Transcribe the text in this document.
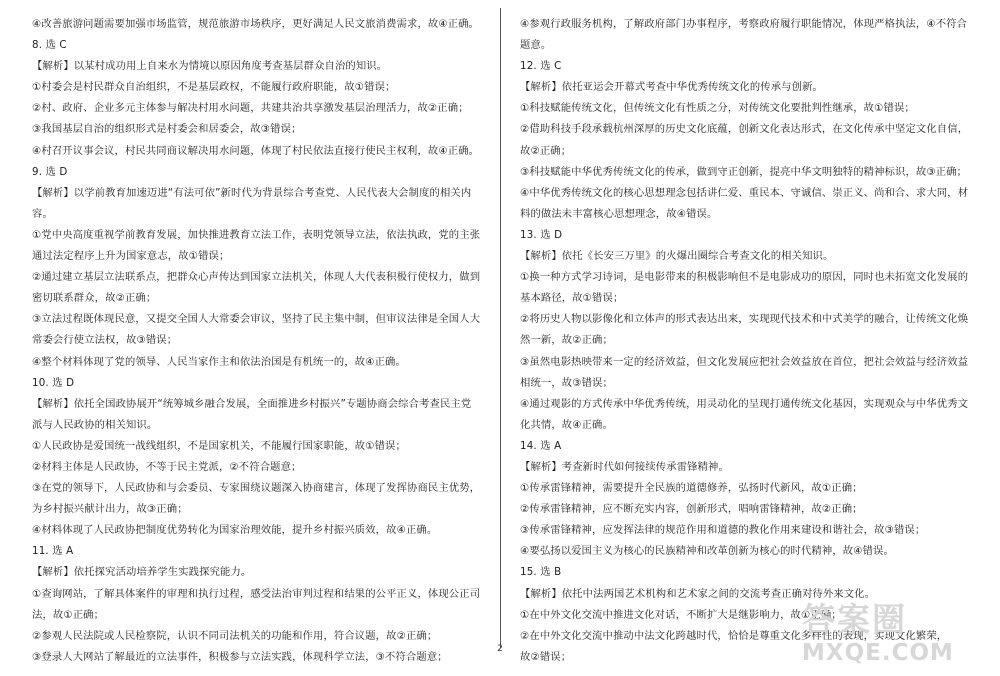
④改善旅游问题需要加强市场监管，规范旅游市场秩序，更好满足人民文旅消费需求，故④正确。
8. 选 C
【解析】以某村成功用上自来水为情境以原因角度考查基层群众自治的知识。
①村委会是村民群众自治组织，不是基层政权，不能履行政府职能，故①错误；
②村、政府、企业多元主体参与解决村用水问题，共建共治共享激发基层治理活力，故②正确；
③我国基层自治的组织形式是村委会和居委会，故③错误；
④村召开议事会议，村民共同商议解决用水问题，体现了村民依法直接行使民主权利，故④正确。
9. 选 D
【解析】以学前教育加速迈进“有法可依”新时代为背景综合考查党、人民代表大会制度的相关内
容。
①党中央高度重视学前教育发展，加快推进教育立法工作，表明党领导立法，依法执政，党的主张
通过法定程序上升为国家意志，故①错误；
②通过建立基层立法联系点，把群众心声传达到国家立法机关，体现人大代表积极行使权力，做到
密切联系群众，故②正确；
③立法过程既体现民意，又提交全国人大常委会审议，坚持了民主集中制，但审议法律是全国人大
常委会行使立法权，故③错误；
④整个材料体现了党的领导、人民当家作主和依法治国是有机统一的，故④正确。
10. 选 D
【解析】依托全国政协展开“统筹城乡融合发展，全面推进乡村振兴”专题协商会综合考查民主党
派与人民政协的相关知识。
①人民政协是爱国统一战线组织，不是国家机关，不能履行国家职能，故①错误；
②材料主体是人民政协，不等于民主党派，②不符合题意；
③在党的领导下，人民政协和与会委员、专家围绕议题深入协商建言，体现了发挥协商民主优势，
为乡村振兴献计出力，故③正确；
④材料体现了人民政协把制度优势转化为国家治理效能，提升乡村振兴质效，故④正确。
11. 选 A
【解析】依托探究活动培养学生实践探究能力。
①查询网站，了解具体案件的审理和执行过程，感受法治审判过程和结果的公平正义，体现公正司
法，故①正确；
②参观人民法院或人民检察院，认识不同司法机关的功能和作用，符合议题，故②正确；
③登录人大网站了解最近的立法事件，积极参与立法实践，体现科学立法，③不符合题意；
④参观行政服务机构，了解政府部门办事程序，考察政府履行职能情况，体现严格执法，④不符合
题意。
12. 选 C
【解析】依托亚运会开幕式考查中华优秀传统文化的传承与创新。
①科技赋能传统文化，但传统文化有性质之分，对传统文化要批判性继承，故①错误；
②借助科技手段承载杭州深厚的历史文化底蕴，创新文化表达形式，在文化传承中坚定文化自信，
故②正确；
③科技赋能中华优秀传统文化的传承，做到守正创新，提亮中华文明独特的精神标识，故③正确；
④中华优秀传统文化的核心思想理念包括讲仁爱、重民本、守诚信、崇正义、尚和合、求大同，材
料的做法未丰富核心思想理念，故④错误。
13. 选 D
【解析】依托《长安三万里》的火爆出圈综合考查文化的相关知识。
①换一种方式学习诗词，是电影带来的积极影响但不是电影成功的原因，同时也未拓宽文化发展的
基本路径，故①错误；
②将历史人物以影像化和立体声的形式表达出来，实现现代技术和中式美学的融合，让传统文化焕
然一新，故②正确；
③虽然电影热映带来一定的经济效益，但文化发展应把社会效益放在首位，把社会效益与经济效益
相统一，故③错误；
④通过观影的方式传承中华优秀传统，用灵动化的呈现打通传统文化基因，实现观众与中华优秀文
化共情，故④正确。
14. 选 A
【解析】考查新时代如何接续传承雷锋精神。
①传承雷锋精神，需要提升全民族的道德修养，弘扬时代新风，故①正确；
②传承雷锋精神，应不断充实内容，创新形式，唱响雷锋精神，故②正确；
③传承雷锋精神，应发挥法律的规范作用和道德的教化作用来建设和谐社会，故③错误；
④要弘扬以爱国主义为核心的民族精神和改革创新为核心的时代精神，故④错误。
15. 选 B
【解析】依托中法两国艺术机构和艺术家之间的交流考查正确对待外来文化。
①在中外文化交流中推进文化对话，不断扩大是继影响力，故①正确；
②在中外文化交流中推动中法文化跨越时代，恰恰是尊重文化多样性的表现，实现文化繁荣，
故②错误；
2
答案圈
MXQE.COM
